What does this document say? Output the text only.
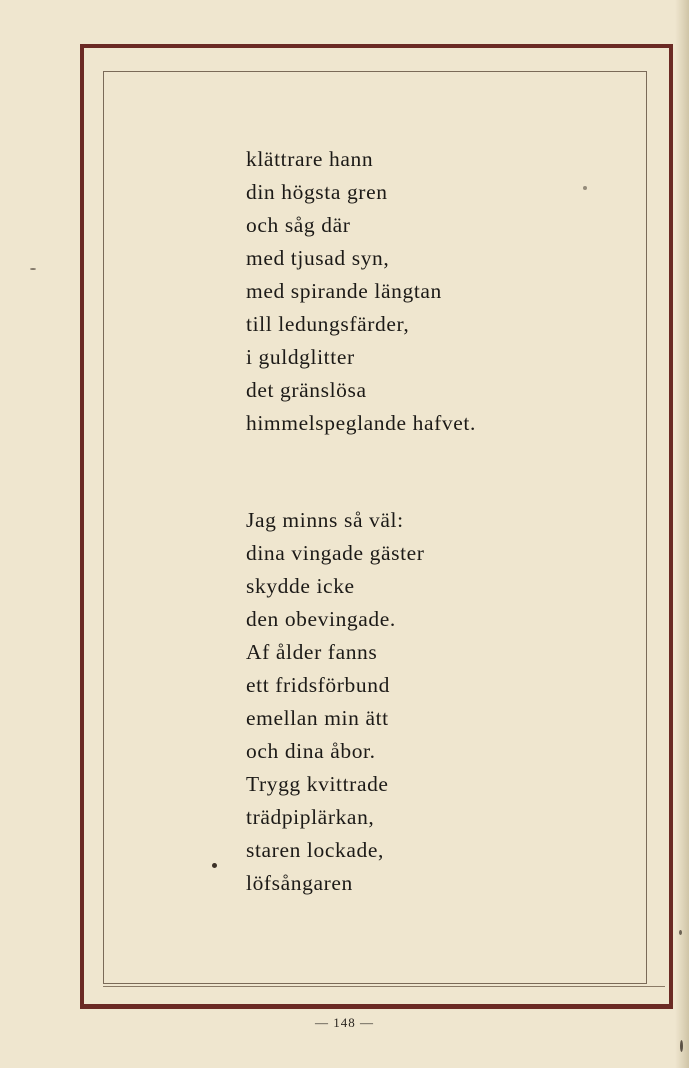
klättrare hann
din högsta gren
och såg där
med tjusad syn,
med spirande längtan
till ledungsfärder,
i guldglitter
det gränslösa
himmelspeglande hafvet.
Jag minns så väl:
dina vingade gäster
skydde icke
den obevingade.
Af ålder fanns
ett fridsförbund
emellan min ätt
och dina åbor.
Trygg kvittrade
trädpiplärkan,
staren lockade,
löfsångaren
— 148 —
